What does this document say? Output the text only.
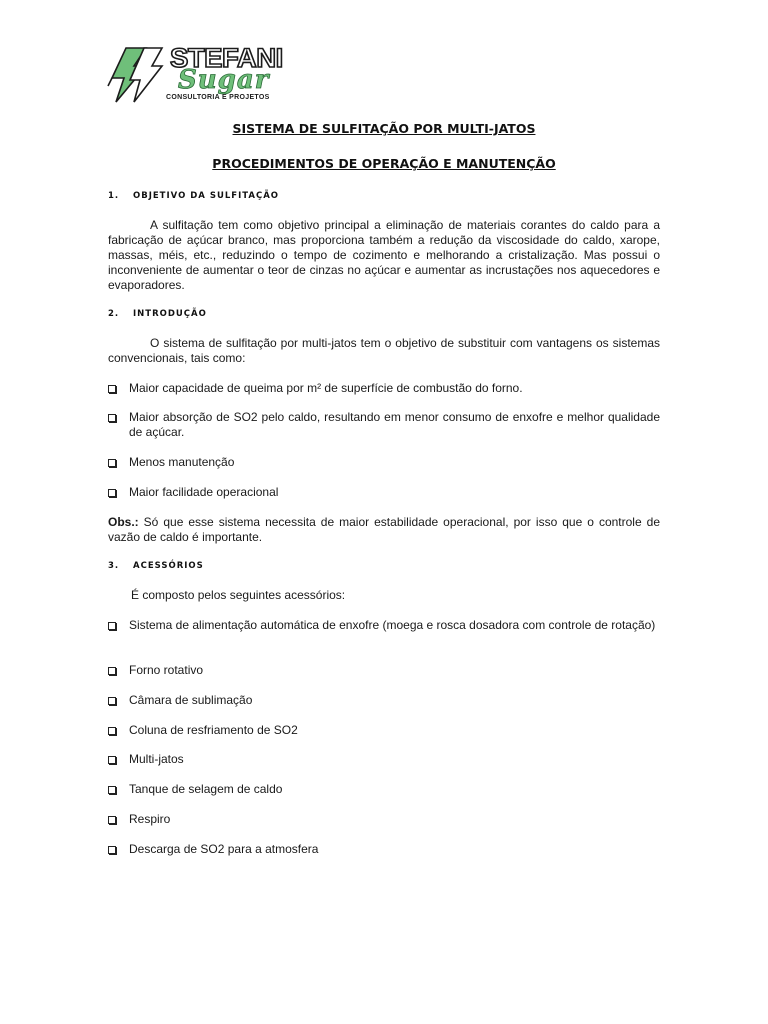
STEFANI
Sugar
CONSULTORIA E PROJETOS
SISTEMA DE SULFITAÇÃO POR MULTI-JATOS
PROCEDIMENTOS DE OPERAÇÃO E MANUTENÇÃO
1. OBJETIVO DA SULFITAÇÃO
A sulfitação tem como objetivo principal a eliminação de materiais corantes do caldo para a fabricação de açúcar branco, mas proporciona também a redução da viscosidade do caldo, xarope, massas, méis, etc., reduzindo o tempo de cozimento e melhorando a cristalização. Mas possui o inconveniente de aumentar o teor de cinzas no açúcar e aumentar as incrustações nos aquecedores e evaporadores.
2. INTRODUÇÃO
O sistema de sulfitação por multi-jatos tem o objetivo de substituir com vantagens os sistemas convencionais, tais como:
Maior capacidade de queima por m² de superfície de combustão do forno.
Maior absorção de SO2 pelo caldo, resultando em menor consumo de enxofre e melhor qualidade de açúcar.
Menos manutenção
Maior facilidade operacional
Obs.: Só que esse sistema necessita de maior estabilidade operacional, por isso que o controle de vazão de caldo é importante.
3. ACESSÓRIOS
É composto pelos seguintes acessórios:
Sistema de alimentação automática de enxofre (moega e rosca dosadora com controle de rotação)
Forno rotativo
Câmara de sublimação
Coluna de resfriamento de SO2
Multi-jatos
Tanque de selagem de caldo
Respiro
Descarga de SO2 para a atmosfera
